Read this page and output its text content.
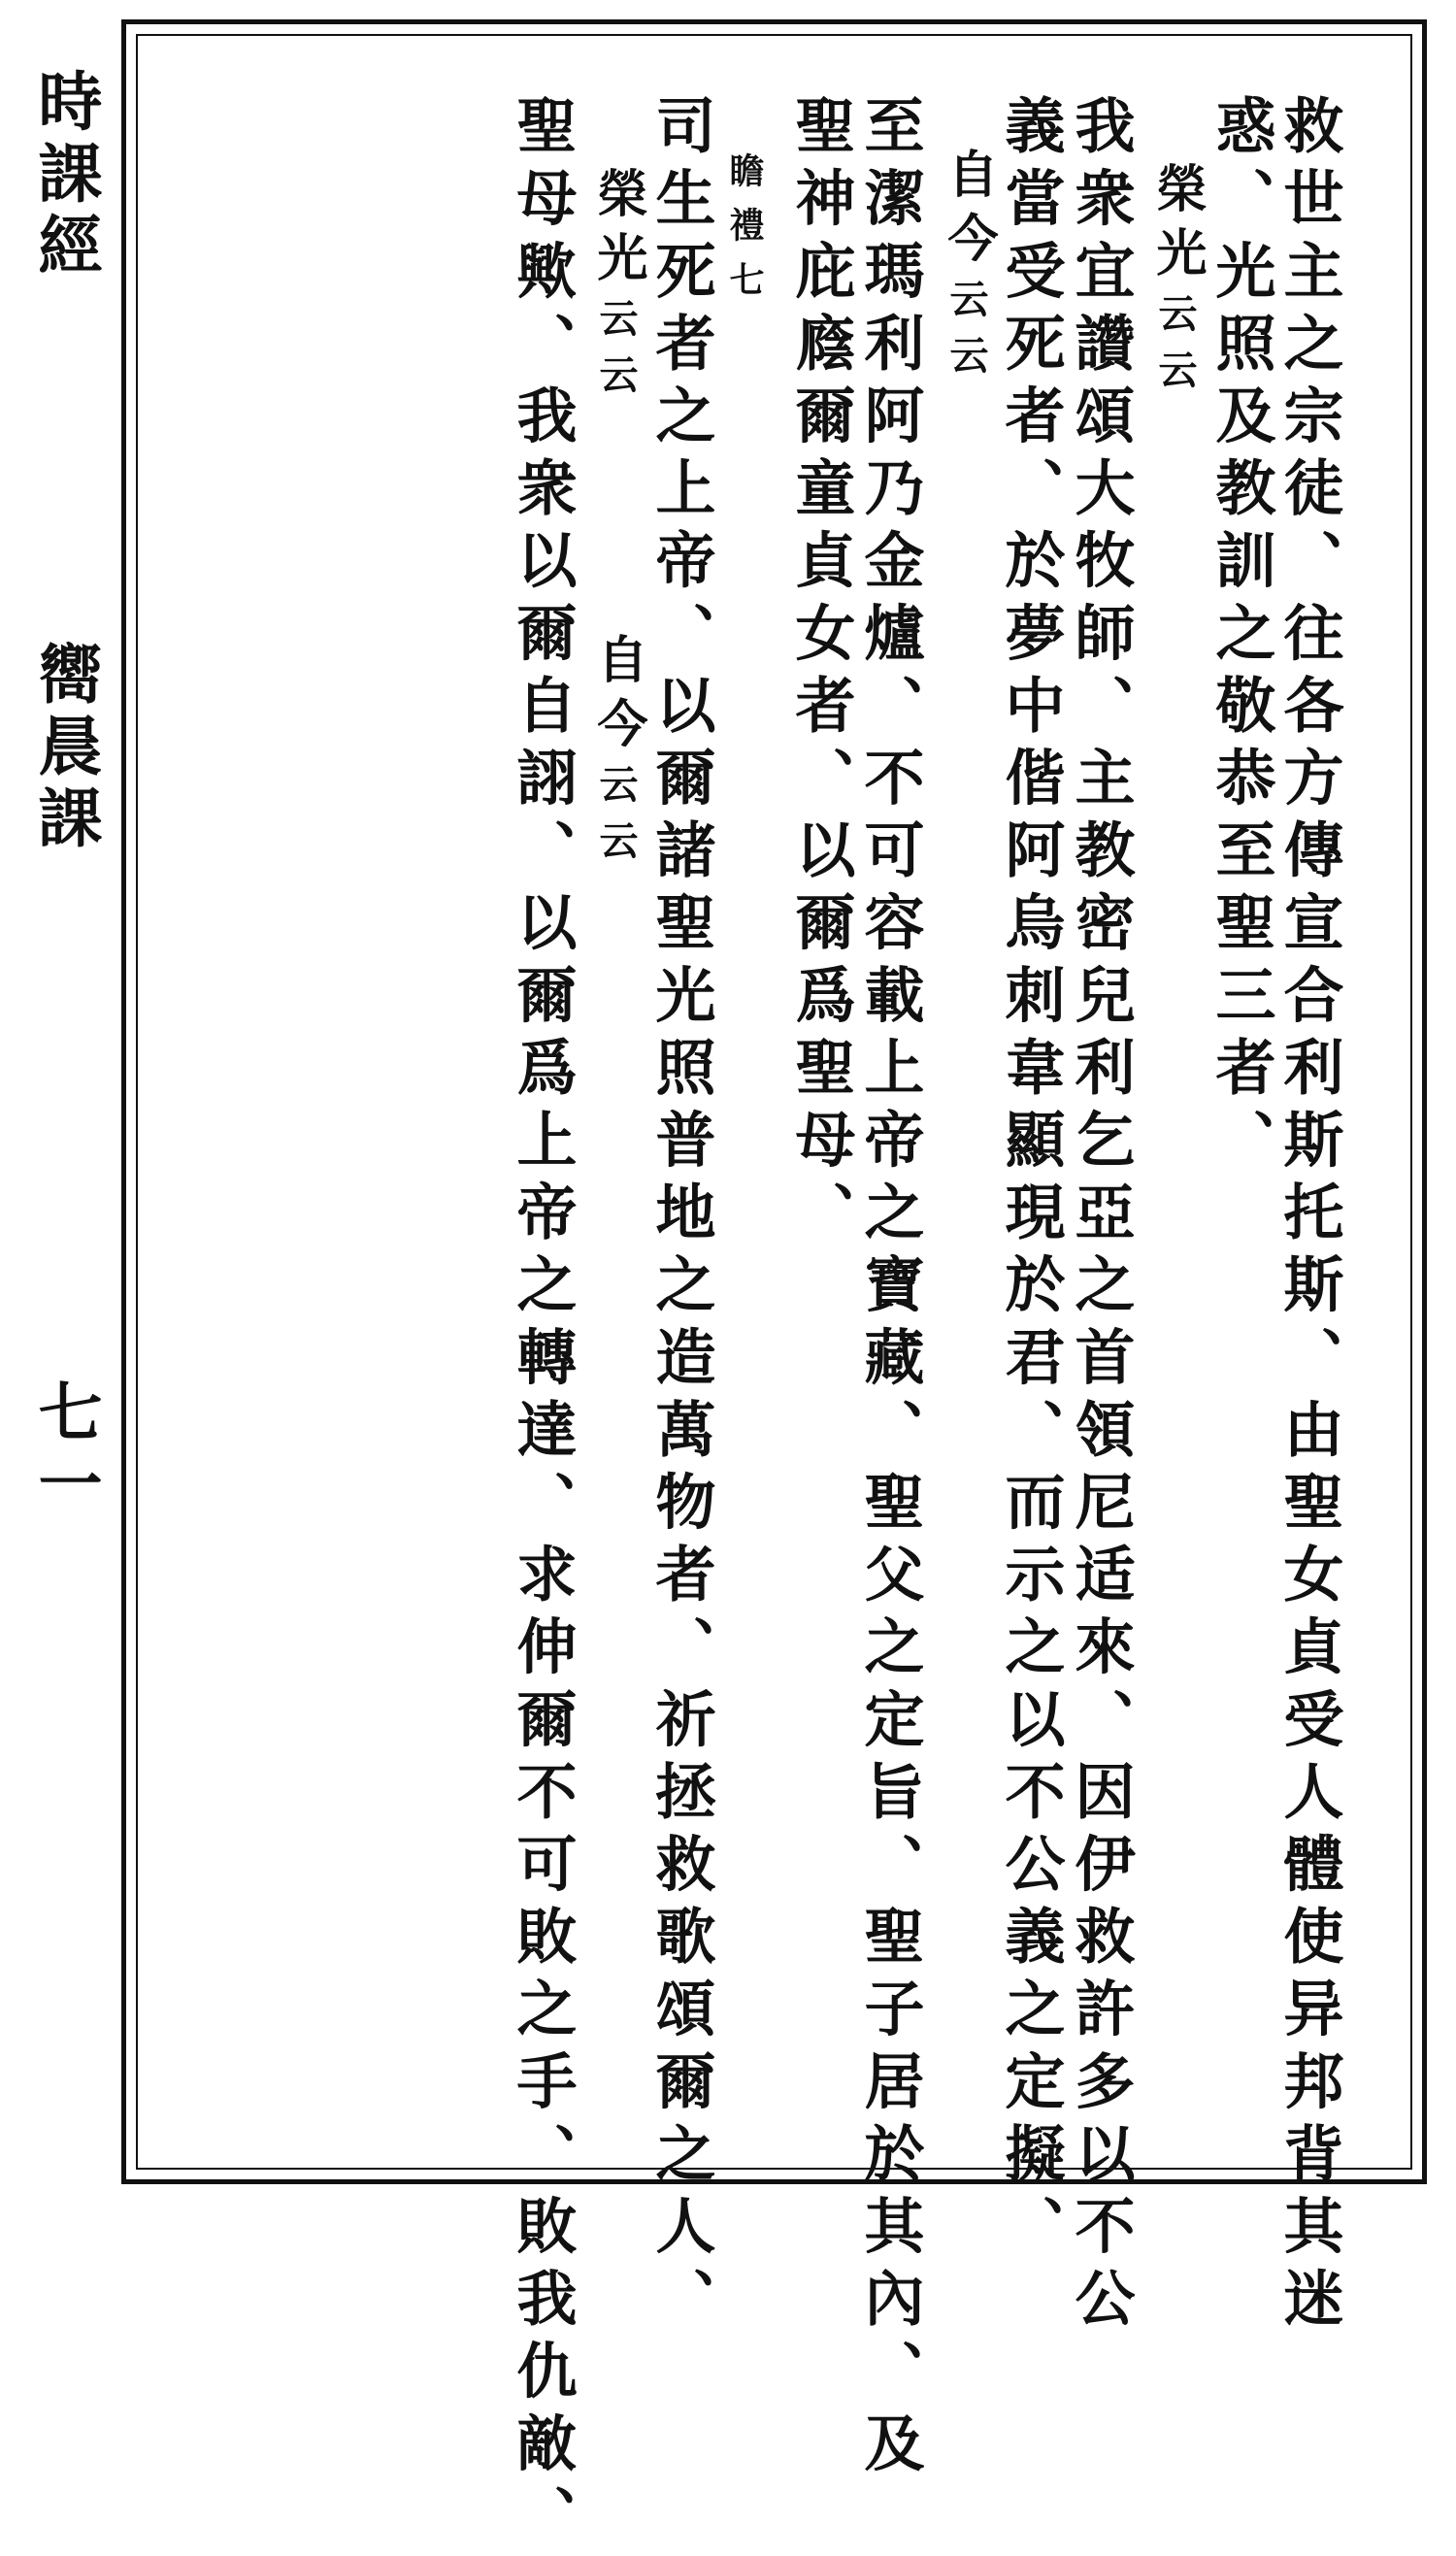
時課經
嚮晨課
七一	救世主之宗徒、往各方傳宣合利斯托斯、由聖女貞受人體使异邦背其迷
惑、光照及教訓之敬恭至聖三者、
榮光
云云
我衆宜讚頌大牧師、主教密兒利乞亞之首領尼适來、因伊救許多以不公
義當受死者、於夢中偕阿烏刺韋顯現於君、而示之以不公義之定擬、
自今
云云
至潔瑪利阿乃金爐、不可容載上帝之寶藏、聖父之定旨、聖子居於其內、及
聖神庇廕爾童貞女者、以爾爲聖母、
瞻禮七
司生死者之上帝、以爾諸聖光照普地之造萬物者、祈拯救歌頌爾之人、
榮光
云云
自今
云云
聖母歟、我衆以爾自詡、以爾爲上帝之轉達、求伸爾不可敗之手、敗我仇敵、
